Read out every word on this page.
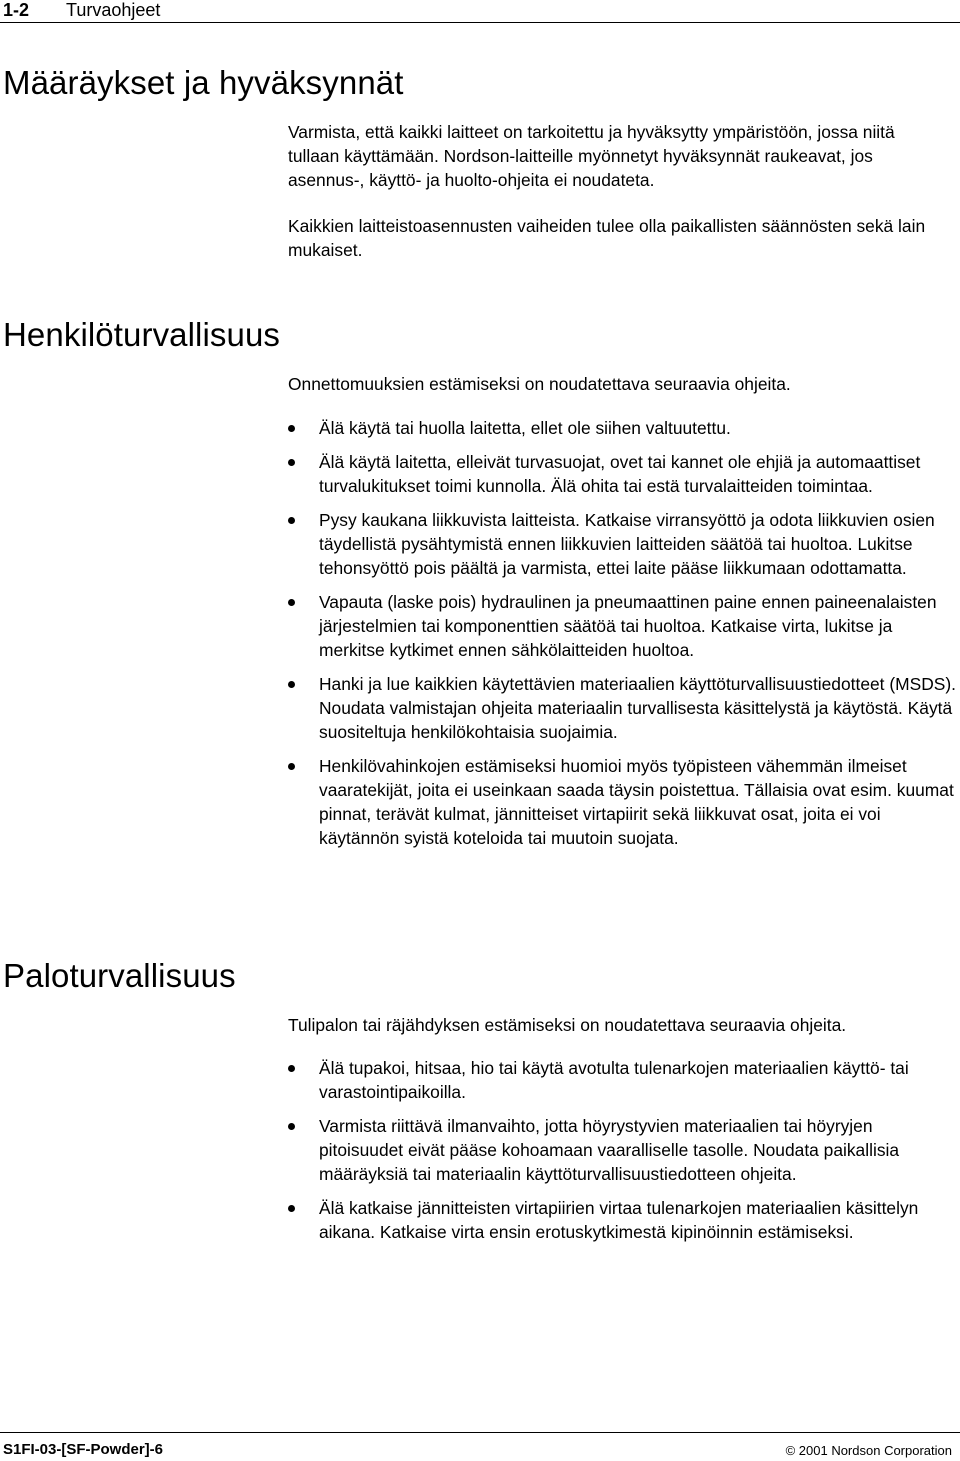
1-2 Turvaohjeet
Määräykset ja hyväksynnät

Varmista, että kaikki laitteet on tarkoitettu ja hyväksytty ympäristöön, jossa niitä tullaan käyttämään. Nordson-laitteille myönnetyt hyväksynnät raukeavat, jos asennus-, käyttö- ja huolto-ohjeita ei noudateta.

Kaikkien laitteistoasennusten vaiheiden tulee olla paikallisten säännösten sekä lain mukaiset.

Henkilöturvallisuus

Onnettomuuksien estämiseksi on noudatettava seuraavia ohjeita.

Älä käytä tai huolla laitetta, ellet ole siihen valtuutettu.
Älä käytä laitetta, elleivät turvasuojat, ovet tai kannet ole ehjiä ja automaattiset turvalukitukset toimi kunnolla. Älä ohita tai estä turvalaitteiden toimintaa.
Pysy kaukana liikkuvista laitteista. Katkaise virransyöttö ja odota liikkuvien osien täydellistä pysähtymistä ennen liikkuvien laitteiden säätöä tai huoltoa. Lukitse tehonsyöttö pois päältä ja varmista, ettei laite pääse liikkumaan odottamatta.
Vapauta (laske pois) hydraulinen ja pneumaattinen paine ennen paineenalaisten järjestelmien tai komponenttien säätöä tai huoltoa. Katkaise virta, lukitse ja merkitse kytkimet ennen sähkölaitteiden huoltoa.
Hanki ja lue kaikkien käytettävien materiaalien käyttöturvallisuustiedotteet (MSDS). Noudata valmistajan ohjeita materiaalin turvallisesta käsittelystä ja käytöstä. Käytä suositeltuja henkilökohtaisia suojaimia.
Henkilövahinkojen estämiseksi huomioi myös työpisteen vähemmän ilmeiset vaaratekijät, joita ei useinkaan saada täysin poistettua. Tällaisia ovat esim. kuumat pinnat, terävät kulmat, jännitteiset virtapiirit sekä liikkuvat osat, joita ei voi käytännön syistä koteloida tai muutoin suojata.
Paloturvallisuus

Tulipalon tai räjähdyksen estämiseksi on noudatettava seuraavia ohjeita.

Älä tupakoi, hitsaa, hio tai käytä avotulta tulenarkojen materiaalien käyttö- tai varastointipaikoilla.
Varmista riittävä ilmanvaihto, jotta höyrystyvien materiaalien tai höyryjen pitoisuudet eivät pääse kohoamaan vaaralliselle tasolle. Noudata paikallisia määräyksiä tai materiaalin käyttöturvallisuustiedotteen ohjeita.
Älä katkaise jännitteisten virtapiirien virtaa tulenarkojen materiaalien käsittelyn aikana. Katkaise virta ensin erotuskytkimestä kipinöinnin estämiseksi.
S1FI-03-[SF-Powder]-6	© 2001 Nordson Corporation
